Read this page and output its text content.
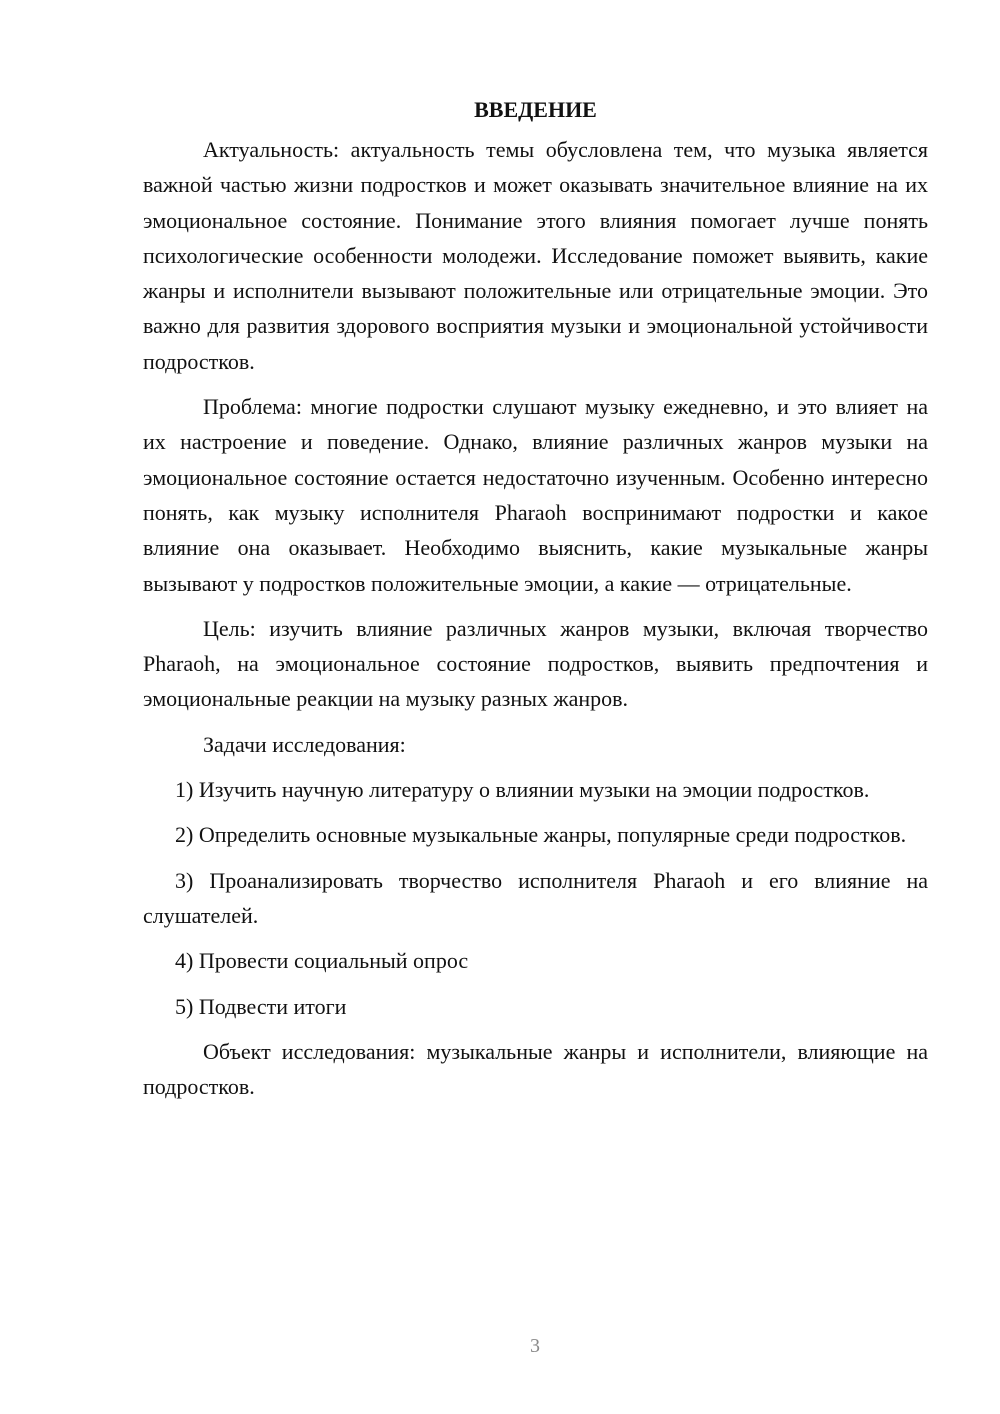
ВВЕДЕНИЕ

Актуальность: актуальность темы обусловлена тем, что музыка является важной частью жизни подростков и может оказывать значительное влияние на их эмоциональное состояние. Понимание этого влияния помогает лучше понять психологические особенности молодежи. Исследование поможет выявить, какие жанры и исполнители вызывают положительные или отрицательные эмоции. Это важно для развития здорового восприятия музыки и эмоциональной устойчивости подростков.

Проблема: многие подростки слушают музыку ежедневно, и это влияет на их настроение и поведение. Однако, влияние различных жанров музыки на эмоциональное состояние остается недостаточно изученным. Особенно интересно понять, как музыку исполнителя Pharaoh воспринимают подростки и какое влияние она оказывает. Необходимо выяснить, какие музыкальные жанры вызывают у подростков положительные эмоции, а какие — отрицательные.

Цель: изучить влияние различных жанров музыки, включая творчество Pharaoh, на эмоциональное состояние подростков, выявить предпочтения и эмоциональные реакции на музыку разных жанров.

Задачи исследования:

1) Изучить научную литературу о влиянии музыки на эмоции подростков.

2) Определить основные музыкальные жанры, популярные среди подростков.

3) Проанализировать творчество исполнителя Pharaoh и его влияние на слушателей.

4) Провести социальный опрос

5) Подвести итоги

Объект исследования: музыкальные жанры и исполнители, влияющие на подростков.

3
